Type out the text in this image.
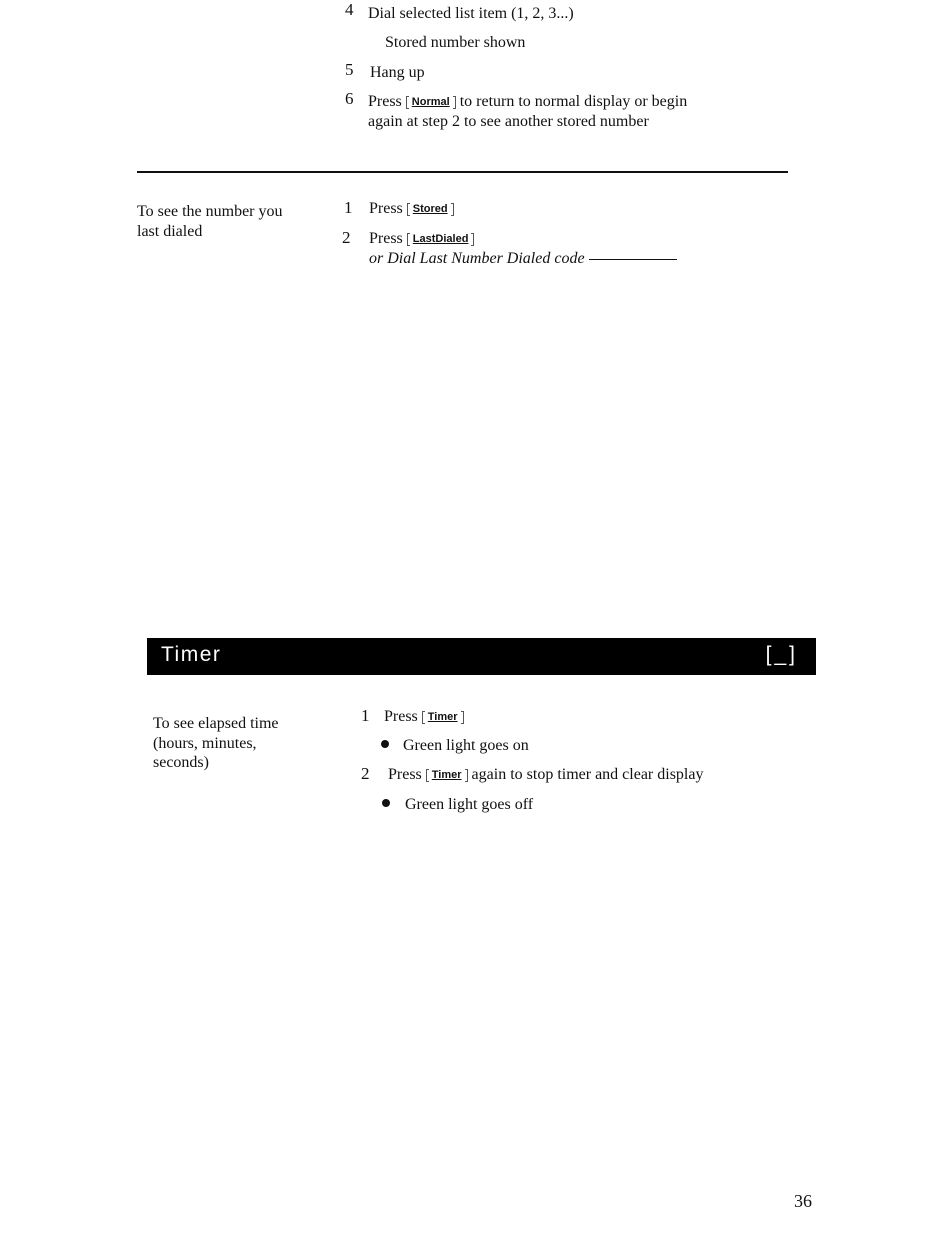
4 Dial selected list item (1, 2, 3...)
Stored number shown
5 Hang up
6 Press Normal to return to normal display or begin
again at step 2 to see another stored number
To see the number you
last dialed
1 Press Stored
2 Press LastDialed
or Dial Last Number Dialed code
Timer	[_]
To see elapsed time
(hours, minutes,
seconds)
1 Press Timer
Green light goes on
2 Press Timer again to stop timer and clear display
Green light goes off
36
